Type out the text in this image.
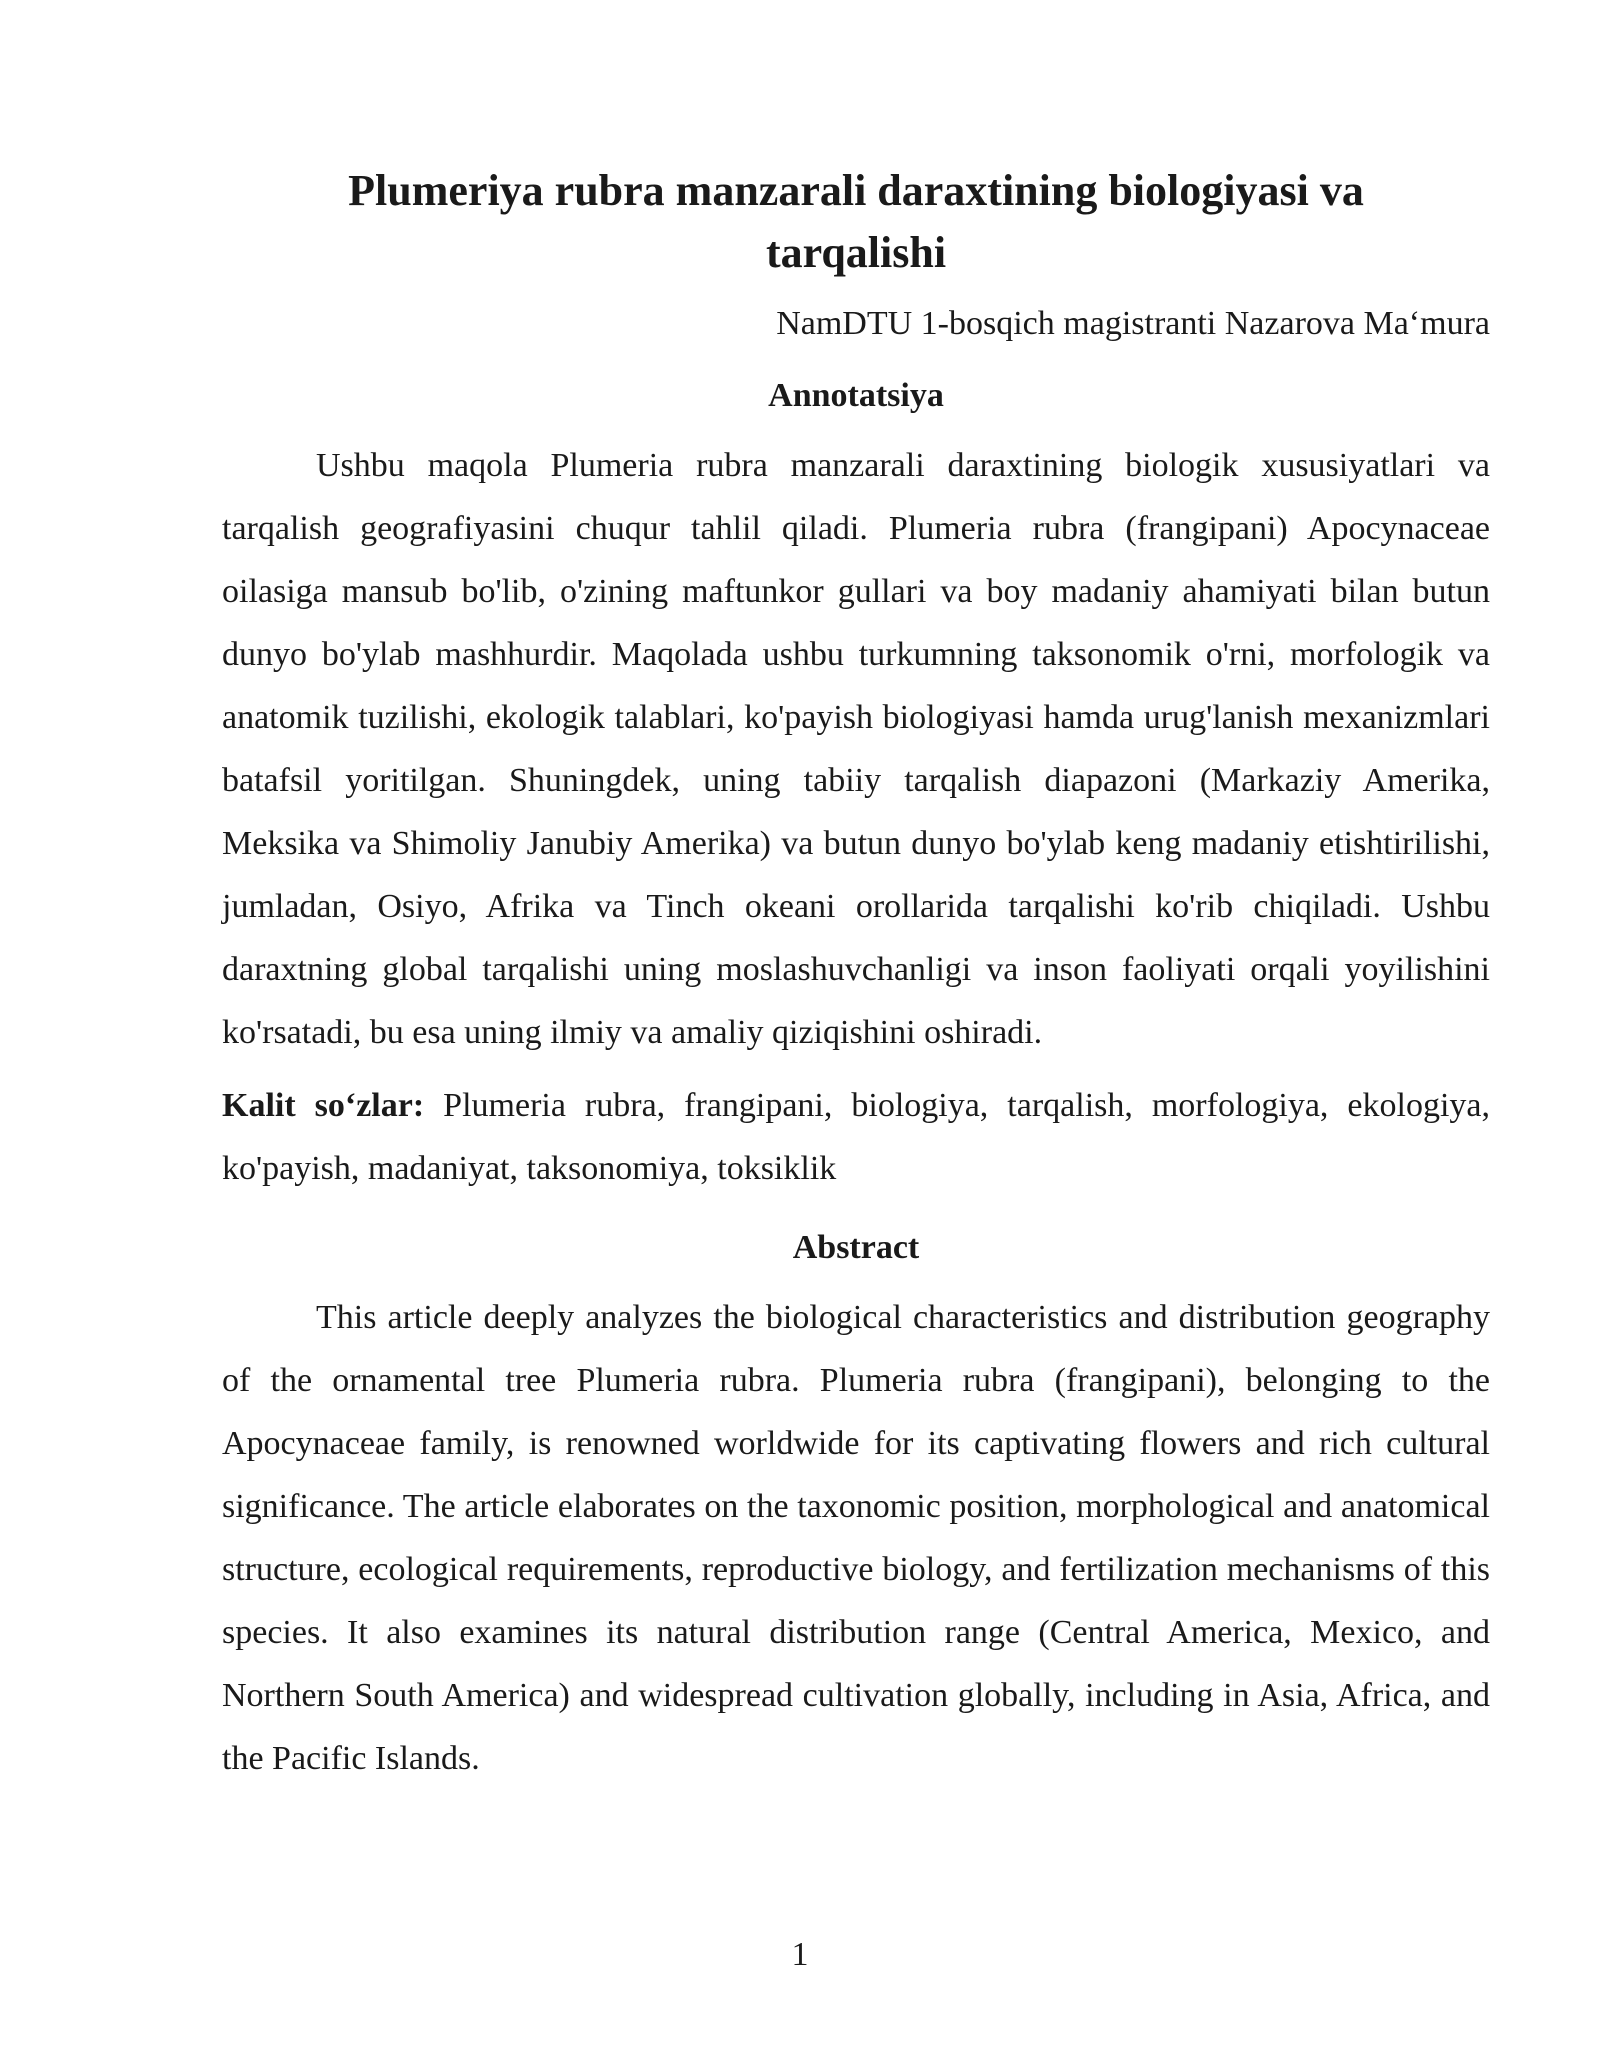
Plumeriya rubra manzarali daraxtining biologiyasi va tarqalishi
NamDTU 1-bosqich magistranti Nazarova Ma‘mura
Annotatsiya

Ushbu maqola Plumeria rubra manzarali daraxtining biologik xususiyatlari va tarqalish geografiyasini chuqur tahlil qiladi. Plumeria rubra (frangipani) Apocynaceae oilasiga mansub bo'lib, o'zining maftunkor gullari va boy madaniy ahamiyati bilan butun dunyo bo'ylab mashhurdir. Maqolada ushbu turkumning taksonomik o'rni, morfologik va anatomik tuzilishi, ekologik talablari, ko'payish biologiyasi hamda urug'lanish mexanizmlari batafsil yoritilgan. Shuningdek, uning tabiiy tarqalish diapazoni (Markaziy Amerika, Meksika va Shimoliy Janubiy Amerika) va butun dunyo bo'ylab keng madaniy etishtirilishi, jumladan, Osiyo, Afrika va Tinch okeani orollarida tarqalishi ko'rib chiqiladi. Ushbu daraxtning global tarqalishi uning moslashuvchanligi va inson faoliyati orqali yoyilishini ko'rsatadi, bu esa uning ilmiy va amaliy qiziqishini oshiradi.

Kalit so‘zlar: Plumeria rubra, frangipani, biologiya, tarqalish, morfologiya, ekologiya, ko'payish, madaniyat, taksonomiya, toksiklik
Abstract

This article deeply analyzes the biological characteristics and distribution geography of the ornamental tree Plumeria rubra. Plumeria rubra (frangipani), belonging to the Apocynaceae family, is renowned worldwide for its captivating flowers and rich cultural significance. The article elaborates on the taxonomic position, morphological and anatomical structure, ecological requirements, reproductive biology, and fertilization mechanisms of this species. It also examines its natural distribution range (Central America, Mexico, and Northern South America) and widespread cultivation globally, including in Asia, Africa, and the Pacific Islands.

1
